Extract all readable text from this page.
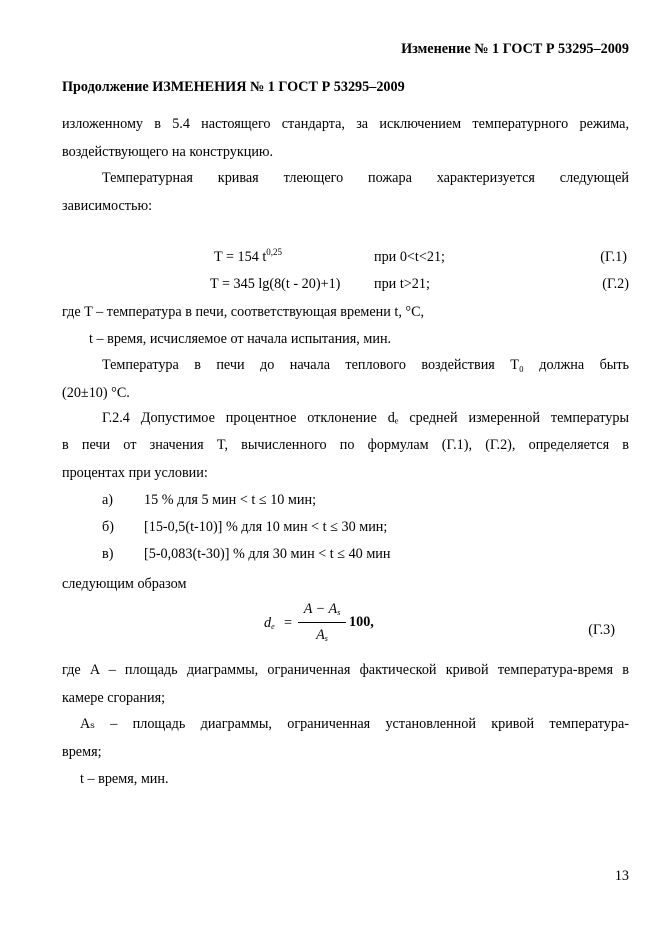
Изменение № 1 ГОСТ Р 53295–2009
Продолжение ИЗМЕНЕНИЯ № 1 ГОСТ Р 53295–2009
изложенному в 5.4 настоящего стандарта, за исключением температурного режима,
воздействующего на конструкцию.
Температурная кривая тлеющего пожара характеризуется следующей
зависимостью:
T = 154 $t^{0,25}$	при 0<t<21;	(Г.1)
T = 345 lg(8(t - 20)+1) при t>21;	(Г.2)
где T – температура в печи, соответствующая времени t, °С,
t – время, исчисляемое от начала испытания, мин.
Температура в печи до начала теплового воздействия T₀ должна быть
(20±10) °С.
Г.2.4 Допустимое процентное отклонение dₑ средней измеренной температуры
в печи от значения T, вычисленного по формулам (Г.1), (Г.2), определяется в
процентах при условии:
а) 15 % для 5 мин < t ≤ 10 мин;
б) [15-0,5(t-10)] % для 10 мин < t ≤ 30 мин;
в) [5-0,083(t-30)] % для 30 мин < t ≤ 40 мин
следующим образом
$d_e$ =
$A - A_s$
$A_s$
100,	(Г.3)
где A – площадь диаграммы, ограниченная фактической кривой температура-время в
камере сгорания;
Aₛ – площадь диаграммы, ограниченная установленной кривой температура-
время;
t – время, мин.
13
